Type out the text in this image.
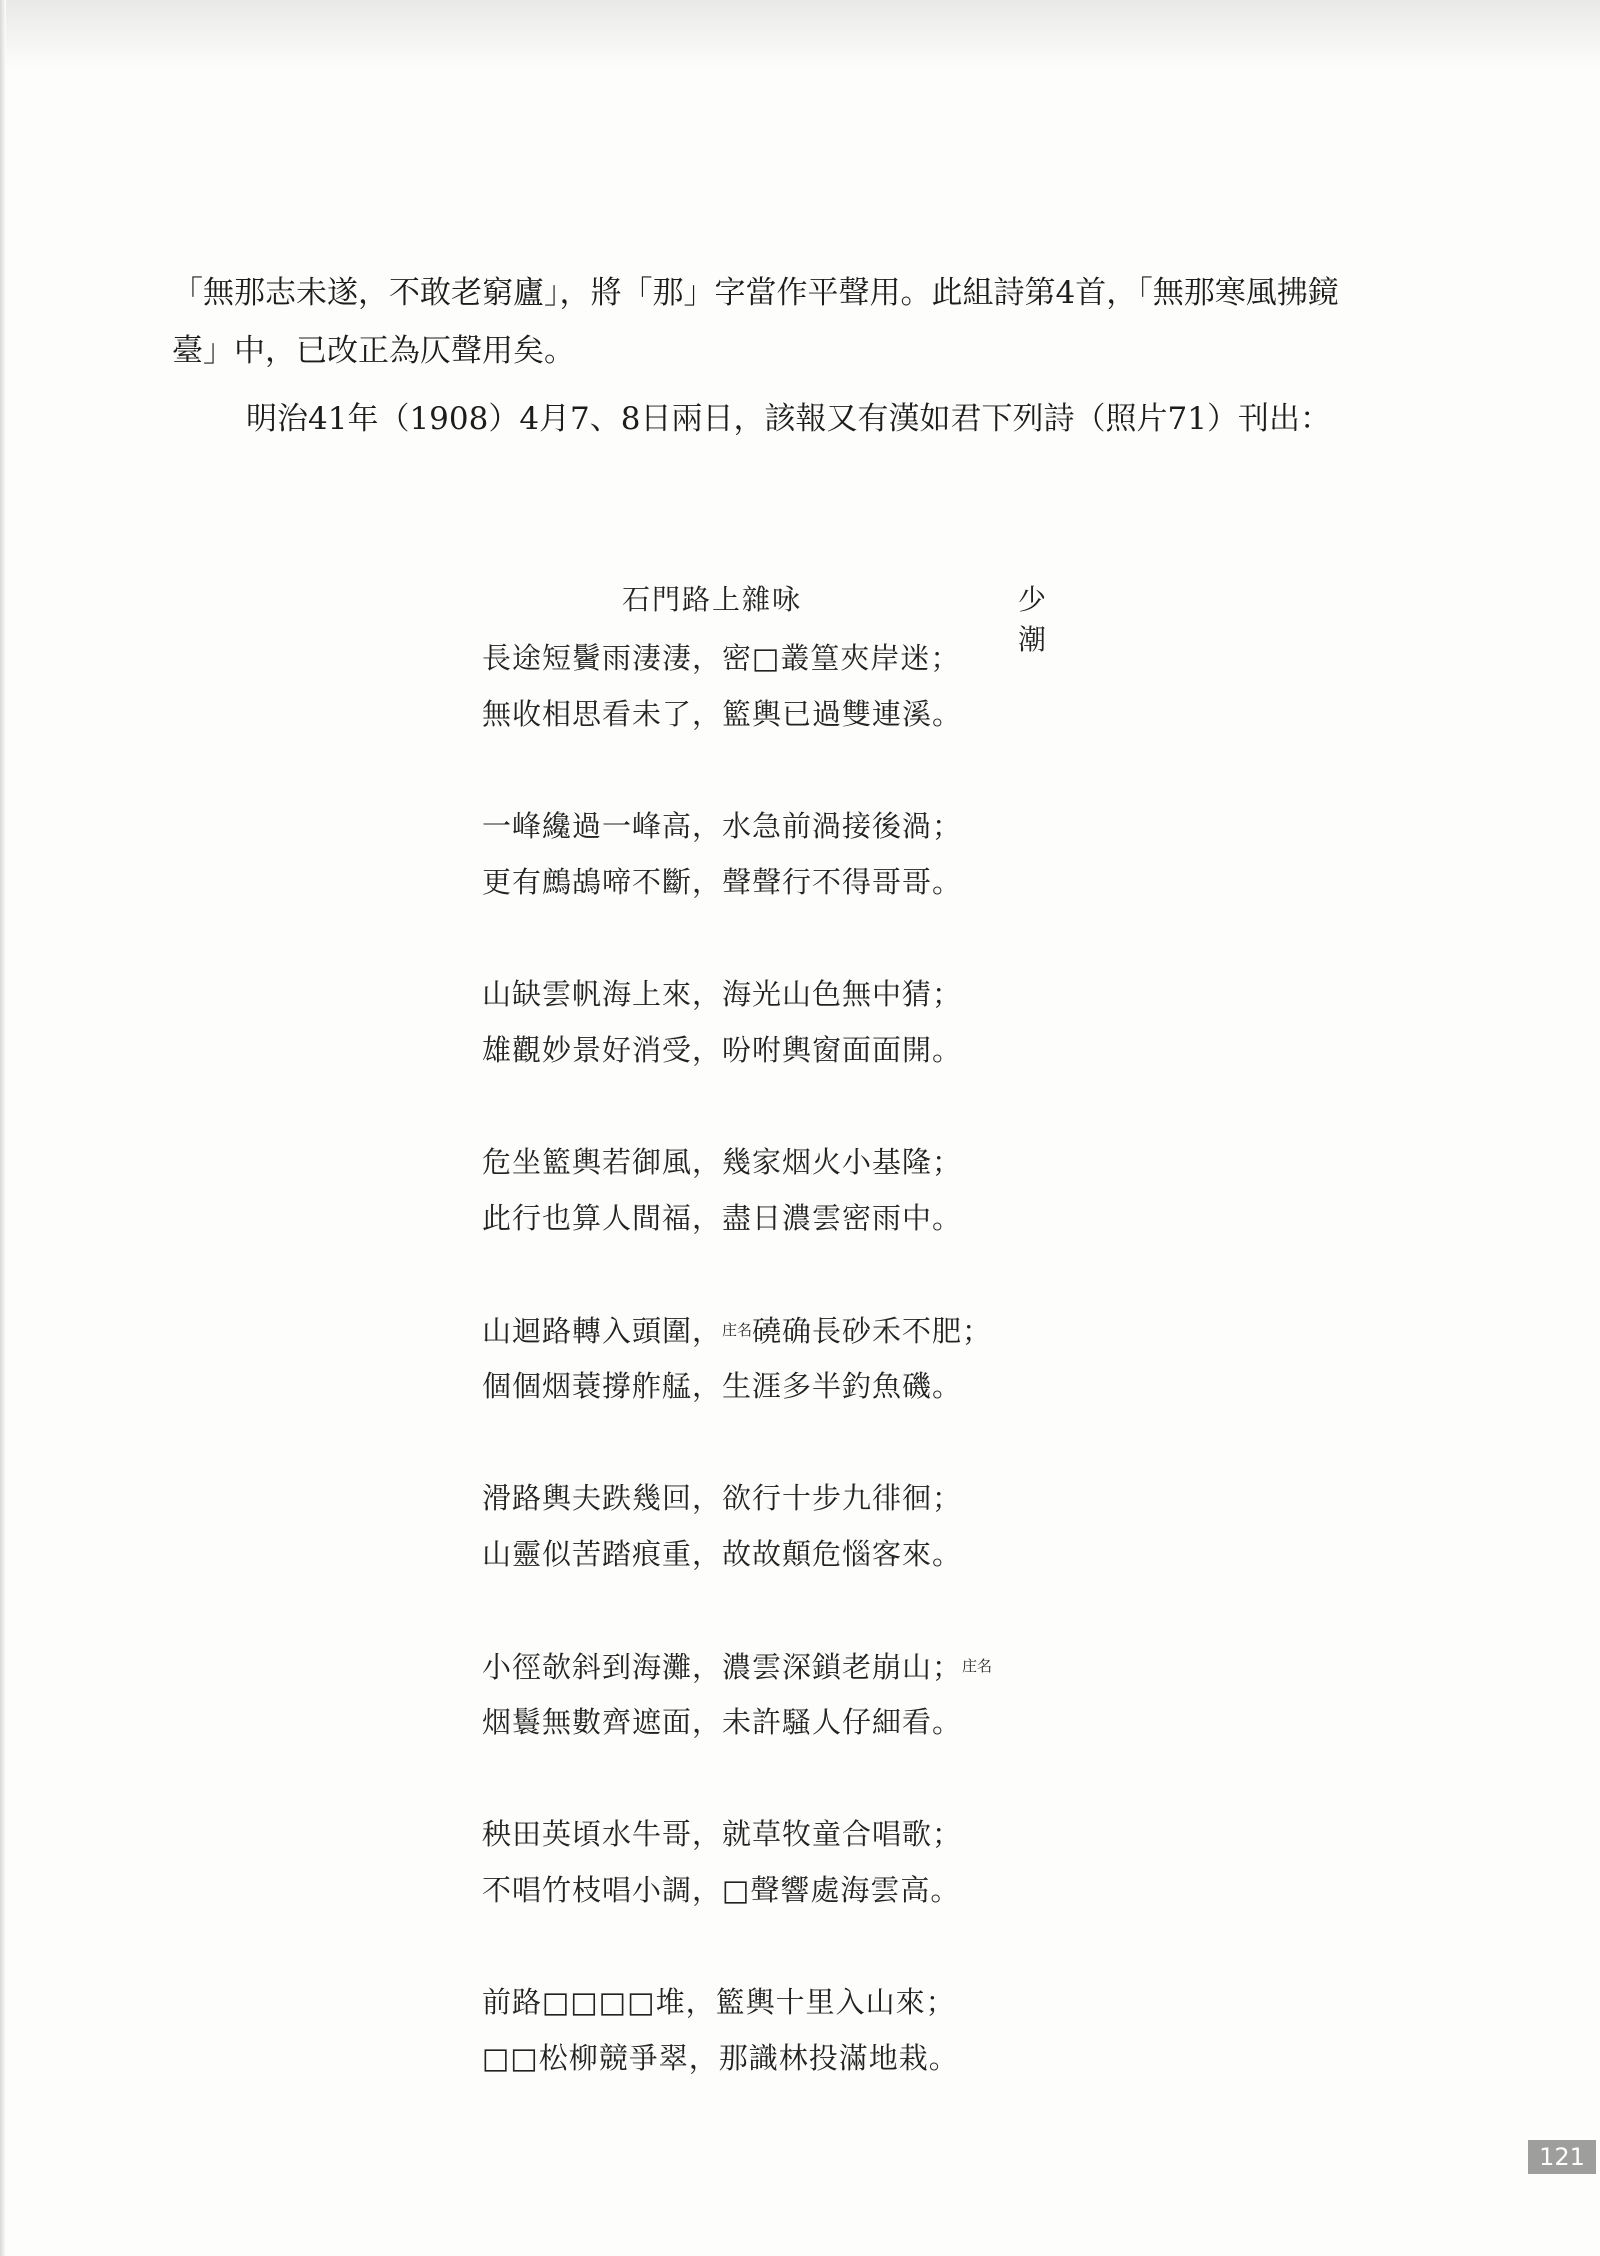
「無那志未遂，不敢老窮廬」，將「那」字當作平聲用。此組詩第4首，「無那寒風拂鏡臺」中，已改正為仄聲用矣。

明治41年（1908）4月7、8日兩日，該報又有漢如君下列詩（照片71）刊出：

石門路上雜咏	少　潮
長途短鬢雨淒淒，密□叢篁夾岸迷；
無收相思看未了，籃輿已過雙連溪。
一峰纔過一峰高，水急前渦接後渦；
更有鷓鴣啼不斷，聲聲行不得哥哥。
山缺雲帆海上來，海光山色無中猜；
雄觀妙景好消受，吩咐輿窗面面開。
危坐籃輿若御風，幾家烟火小基隆；
此行也算人間福，盡日濃雲密雨中。
山迴路轉入頭圍，$^{庄名}$磽确長砂禾不肥；
個個烟蓑撐舴艋，生涯多半釣魚磯。
滑路輿夫跌幾回，欲行十步九徘徊；
山靈似苦踏痕重，故故顛危惱客來。
小徑欹斜到海灘，濃雲深鎖老崩山；$^{庄名}$
烟鬟無數齊遮面，未許騷人仔細看。
秧田英頃水牛哥，就草牧童合唱歌；
不唱竹枝唱小調，□聲響處海雲高。
前路□□□□堆，籃輿十里入山來；
□□松柳競爭翠，那識林投滿地栽。
121
